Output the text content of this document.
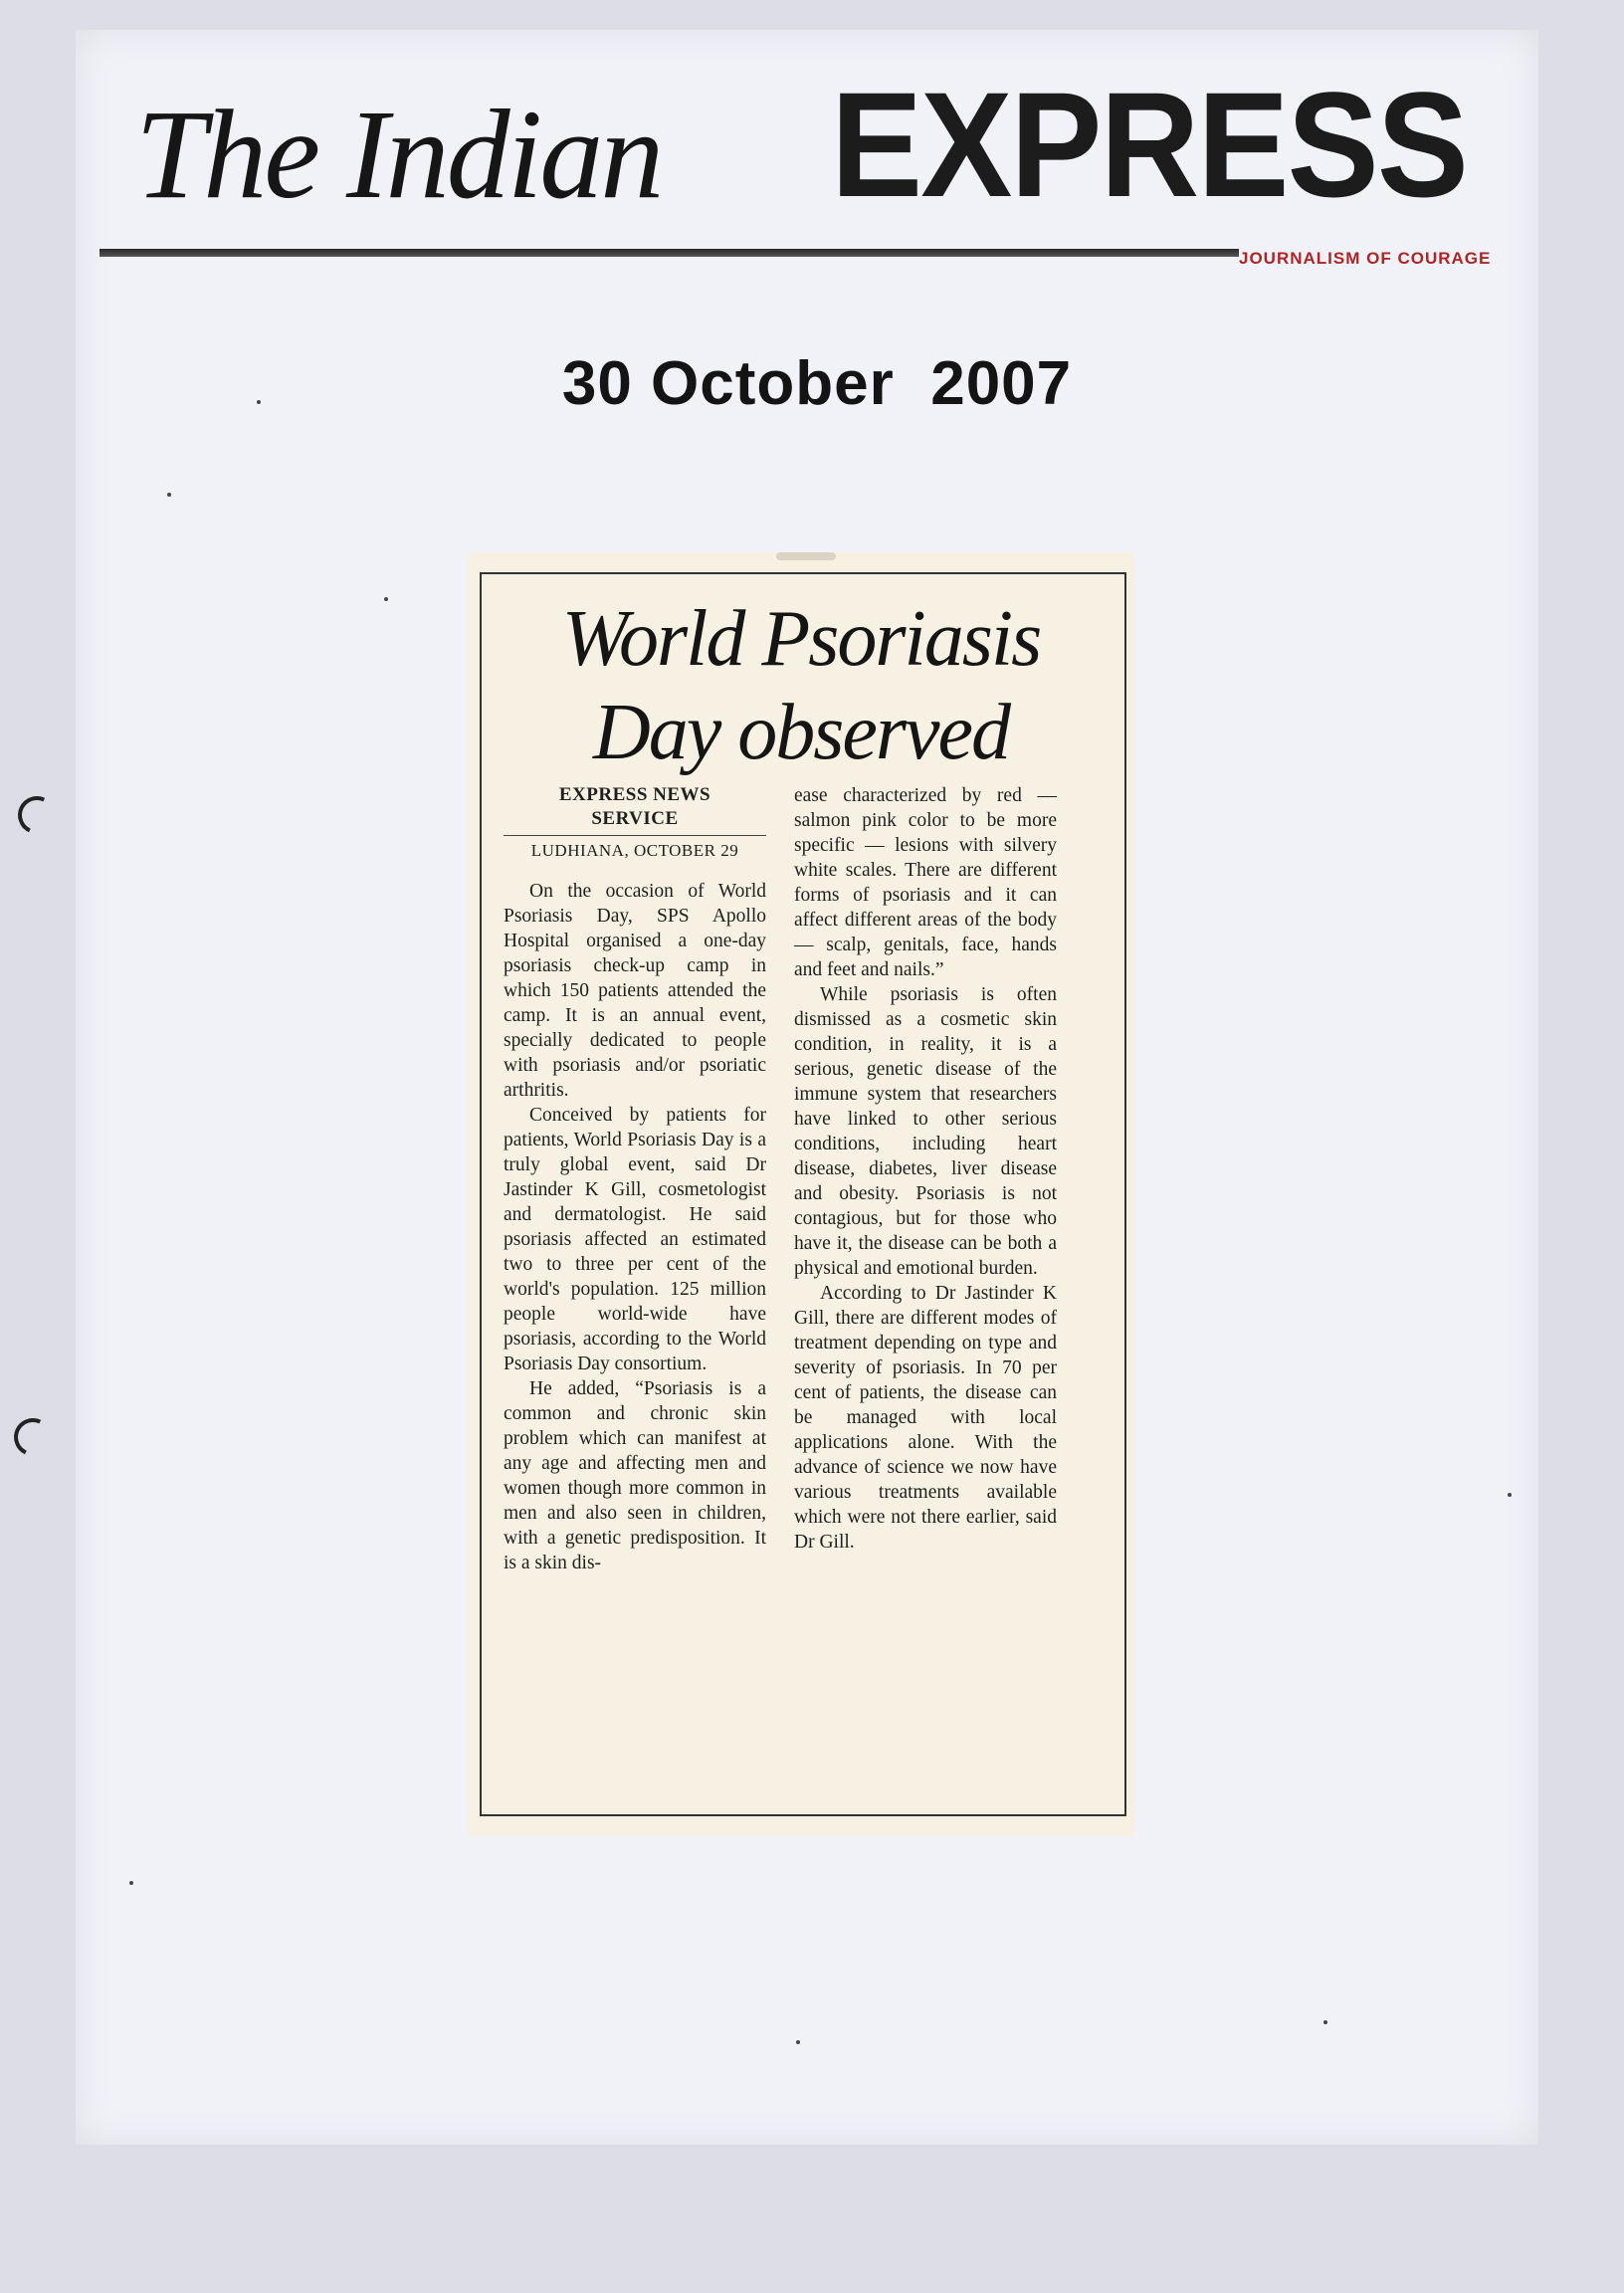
The Indian EXPRESS
JOURNALISM OF COURAGE
30 October  2007
World Psoriasis Day observed
EXPRESS NEWS SERVICE
LUDHIANA, OCTOBER 29

On the occasion of World Psoriasis Day, SPS Apollo Hospital organised a one-day psoriasis check-up camp in which 150 patients attended the camp. It is an annual event, specially dedicated to people with psoriasis and/or psoriatic arthritis.

Conceived by patients for patients, World Psoriasis Day is a truly global event, said Dr Jastinder K Gill, cosmetologist and dermatologist. He said psoriasis affected an estimated two to three per cent of the world's population. 125 million people world-wide have psoriasis, according to the World Psoriasis Day consortium.

He added, “Psoriasis is a common and chronic skin problem which can manifest at any age and affecting men and women though more common in men and also seen in children, with a genetic predisposition. It is a skin dis-

ease characterized by red — salmon pink color to be more specific — lesions with silvery white scales. There are different forms of psoriasis and it can affect different areas of the body — scalp, genitals, face, hands and feet and nails.”

While psoriasis is often dismissed as a cosmetic skin condition, in reality, it is a serious, genetic disease of the immune system that researchers have linked to other serious conditions, including heart disease, diabetes, liver disease and obesity. Psoriasis is not contagious, but for those who have it, the disease can be both a physical and emotional burden.

According to Dr Jastinder K Gill, there are different modes of treatment depending on type and severity of psoriasis. In 70 per cent of patients, the disease can be managed with local applications alone. With the advance of science we now have various treatments available which were not there earlier, said Dr Gill.
